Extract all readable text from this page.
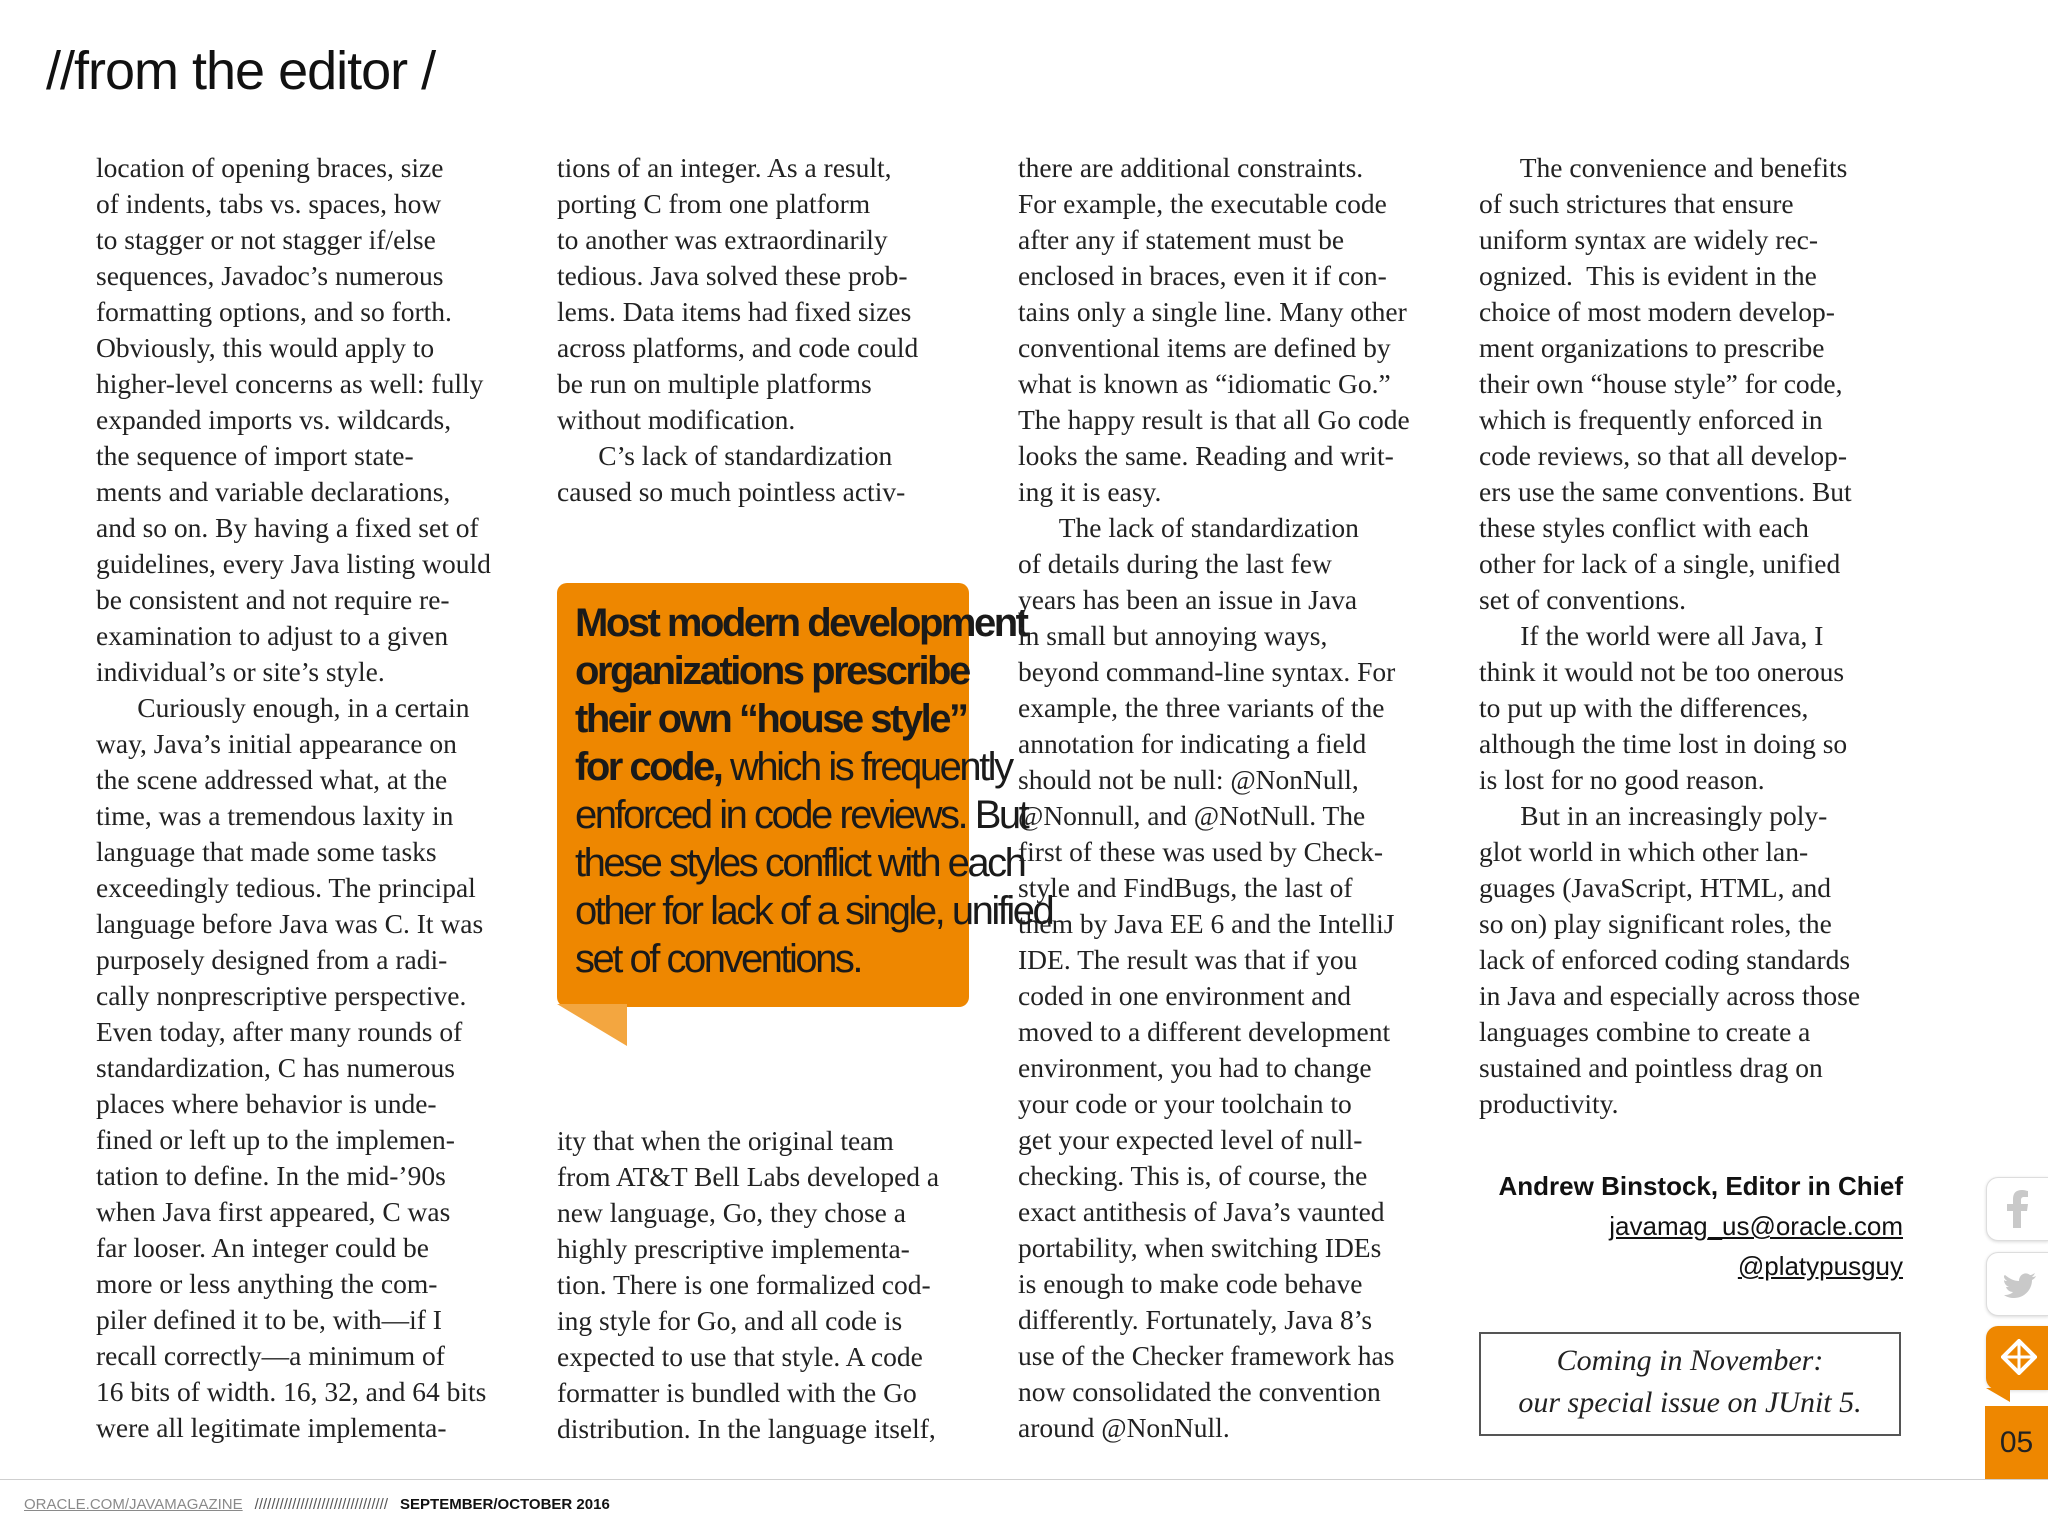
//from the editor /

location of opening braces, size

of indents, tabs vs. spaces, how

to stagger or not stagger if/else

sequences, Javadoc’s numerous

formatting options, and so forth.

Obviously, this would apply to

higher-level concerns as well: fully

expanded imports vs. wildcards,

the sequence of import state-

ments and variable declarations,

and so on. By having a fixed set of

guidelines, every Java listing would

be consistent and not require re-

examination to adjust to a given

individual’s or site’s style.

Curiously enough, in a certain

way, Java’s initial appearance on

the scene addressed what, at the

time, was a tremendous laxity in

language that made some tasks

exceedingly tedious. The principal

language before Java was C. It was

purposely designed from a radi-

cally nonprescriptive perspective.

Even today, after many rounds of

standardization, C has numerous

places where behavior is unde-

fined or left up to the implemen-

tation to define. In the mid-’90s

when Java first appeared, C was

far looser. An integer could be

more or less anything the com-

piler defined it to be, with—if I

recall correctly—a minimum of

16 bits of width. 16, 32, and 64 bits

were all legitimate implementa-

tions of an integer. As a result,

porting C from one platform

to another was extraordinarily

tedious. Java solved these prob-

lems. Data items had fixed sizes

across platforms, and code could

be run on multiple platforms

without modification.

C’s lack of standardization

caused so much pointless activ-

Most modern development
organizations prescribe
their own “house style”
for code, which is frequently
enforced in code reviews. But
these styles conflict with each
other for lack of a single, unified
set of conventions.

ity that when the original team

from AT&T Bell Labs developed a

new language, Go, they chose a

highly prescriptive implementa-

tion. There is one formalized cod-

ing style for Go, and all code is

expected to use that style. A code

formatter is bundled with the Go

distribution. In the language itself,

there are additional constraints.

For example, the executable code

after any if statement must be

enclosed in braces, even it if con-

tains only a single line. Many other

conventional items are defined by

what is known as “idiomatic Go.”

The happy result is that all Go code

looks the same. Reading and writ-

ing it is easy.

The lack of standardization

of details during the last few

years has been an issue in Java

in small but annoying ways,

beyond command-line syntax. For

example, the three variants of the

annotation for indicating a field

should not be null: @NonNull,

@Nonnull, and @NotNull. The

first of these was used by Check-

style and FindBugs, the last of

them by Java EE 6 and the IntelliJ

IDE. The result was that if you

coded in one environment and

moved to a different development

environment, you had to change

your code or your toolchain to

get your expected level of null-

checking. This is, of course, the

exact antithesis of Java’s vaunted

portability, when switching IDEs

is enough to make code behave

differently. Fortunately, Java 8’s

use of the Checker framework has

now consolidated the convention

around @NonNull.

The convenience and benefits

of such strictures that ensure

uniform syntax are widely rec-

ognized.  This is evident in the

choice of most modern develop-

ment organizations to prescribe

their own “house style” for code,

which is frequently enforced in

code reviews, so that all develop-

ers use the same conventions. But

these styles conflict with each

other for lack of a single, unified

set of conventions.

If the world were all Java, I

think it would not be too onerous

to put up with the differences,

although the time lost in doing so

is lost for no good reason.

But in an increasingly poly-

glot world in which other lan-

guages (JavaScript, HTML, and

so on) play significant roles, the

lack of enforced coding standards

in Java and especially across those

languages combine to create a

sustained and pointless drag on

productivity.

Andrew Binstock, Editor in Chief
javamag_us@oracle.com
@platypusguy
Coming in November:
our special issue on JUnit 5.
05
ORACLE.COM/JAVAMAGAZINE //////////////////////////////// SEPTEMBER/OCTOBER 2016
